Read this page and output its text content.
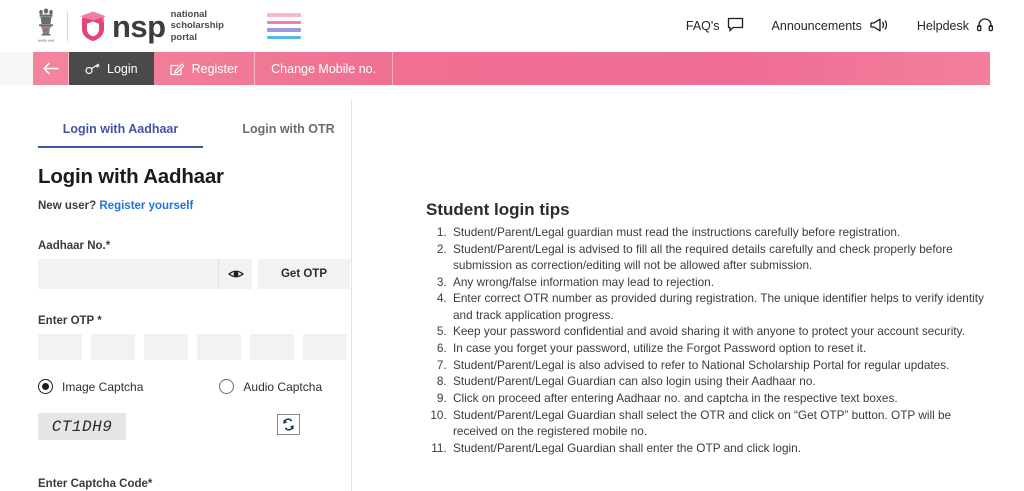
सत्यमेव जयते nsp national
scholarship
portal
FAQ's	Announcements	Helpdesk
Login	Register	Change Mobile no.
Login with Aadhaar	Login with OTR
Login with Aadhaar
New user? Register yourself
Aadhaar No.*
Get OTP
Enter OTP *
Image Captcha	Audio Captcha
CT1DH9
Enter Captcha Code*
Student login tips
1. Student/Parent/Legal guardian must read the instructions carefully before registration.
2. Student/Parent/Legal is advised to fill all the required details carefully and check properly before submission as correction/editing will not be allowed after submission.
3. Any wrong/false information may lead to rejection.
4. Enter correct OTR number as provided during registration. The unique identifier helps to verify identity and track application progress.
5. Keep your password confidential and avoid sharing it with anyone to protect your account security.
6. In case you forget your password, utilize the Forgot Password option to reset it.
7. Student/Parent/Legal is also advised to refer to National Scholarship Portal for regular updates.
8. Student/Parent/Legal Guardian can also login using their Aadhaar no.
9. Click on proceed after entering Aadhaar no. and captcha in the respective text boxes.
10. Student/Parent/Legal Guardian shall select the OTR and click on “Get OTP” button. OTP will be received on the registered mobile no.
11. Student/Parent/Legal Guardian shall enter the OTP and click login.
